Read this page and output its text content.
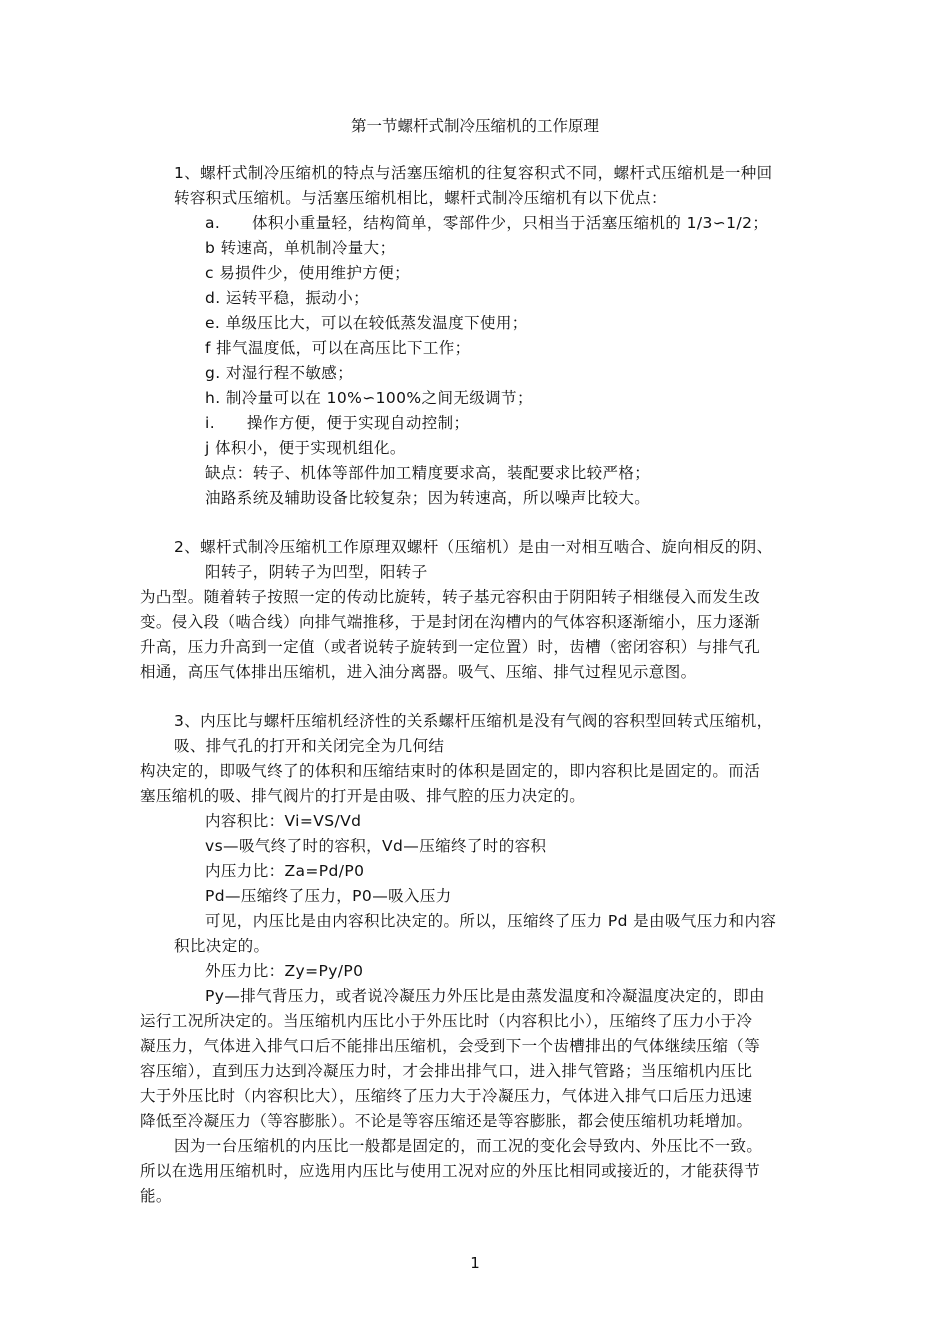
第一节螺杆式制冷压缩机的工作原理
1、螺杆式制冷压缩机的特点与活塞压缩机的往复容积式不同，螺杆式压缩机是一种回
转容积式压缩机。与活塞压缩机相比，螺杆式制冷压缩机有以下优点：
a.　　体积小重量轻，结构简单，零部件少，只相当于活塞压缩机的 1/3∽1/2；
b 转速高，单机制冷量大；
c 易损件少，使用维护方便；
d. 运转平稳，振动小；
e. 单级压比大，可以在较低蒸发温度下使用；
f 排气温度低，可以在高压比下工作；
g. 对湿行程不敏感；
h. 制冷量可以在 10%∽100%之间无级调节；
i.　　操作方便，便于实现自动控制；
j 体积小，便于实现机组化。
缺点：转子、机体等部件加工精度要求高，装配要求比较严格；
油路系统及辅助设备比较复杂；因为转速高，所以噪声比较大。
2、螺杆式制冷压缩机工作原理双螺杆（压缩机）是由一对相互啮合、旋向相反的阴、
阳转子，阴转子为凹型，阳转子
为凸型。随着转子按照一定的传动比旋转，转子基元容积由于阴阳转子相继侵入而发生改
变。侵入段（啮合线）向排气端推移，于是封闭在沟槽内的气体容积逐渐缩小，压力逐渐
升高，压力升高到一定值（或者说转子旋转到一定位置）时，齿槽（密闭容积）与排气孔
相通，高压气体排出压缩机，进入油分离器。吸气、压缩、排气过程见示意图。
3、内压比与螺杆压缩机经济性的关系螺杆压缩机是没有气阀的容积型回转式压缩机，
吸、排气孔的打开和关闭完全为几何结
构决定的，即吸气终了的体积和压缩结束时的体积是固定的，即内容积比是固定的。而活
塞压缩机的吸、排气阀片的打开是由吸、排气腔的压力决定的。
内容积比：Vi=VS/Vd
vs—吸气终了时的容积，Vd—压缩终了时的容积
内压力比：Za=Pd/P0
Pd—压缩终了压力，P0—吸入压力
可见，内压比是由内容积比决定的。所以，压缩终了压力 Pd 是由吸气压力和内容
积比决定的。
外压力比：Zy=Py/P0
Py—排气背压力，或者说冷凝压力外压比是由蒸发温度和冷凝温度决定的，即由
运行工况所决定的。当压缩机内压比小于外压比时（内容积比小），压缩终了压力小于冷
凝压力，气体进入排气口后不能排出压缩机，会受到下一个齿槽排出的气体继续压缩（等
容压缩），直到压力达到冷凝压力时，才会排出排气口，进入排气管路；当压缩机内压比
大于外压比时（内容积比大），压缩终了压力大于冷凝压力，气体进入排气口后压力迅速
降低至冷凝压力（等容膨胀）。不论是等容压缩还是等容膨胀，都会使压缩机功耗增加。
因为一台压缩机的内压比一般都是固定的，而工况的变化会导致内、外压比不一致。
所以在选用压缩机时，应选用内压比与使用工况对应的外压比相同或接近的，才能获得节
能。
1
